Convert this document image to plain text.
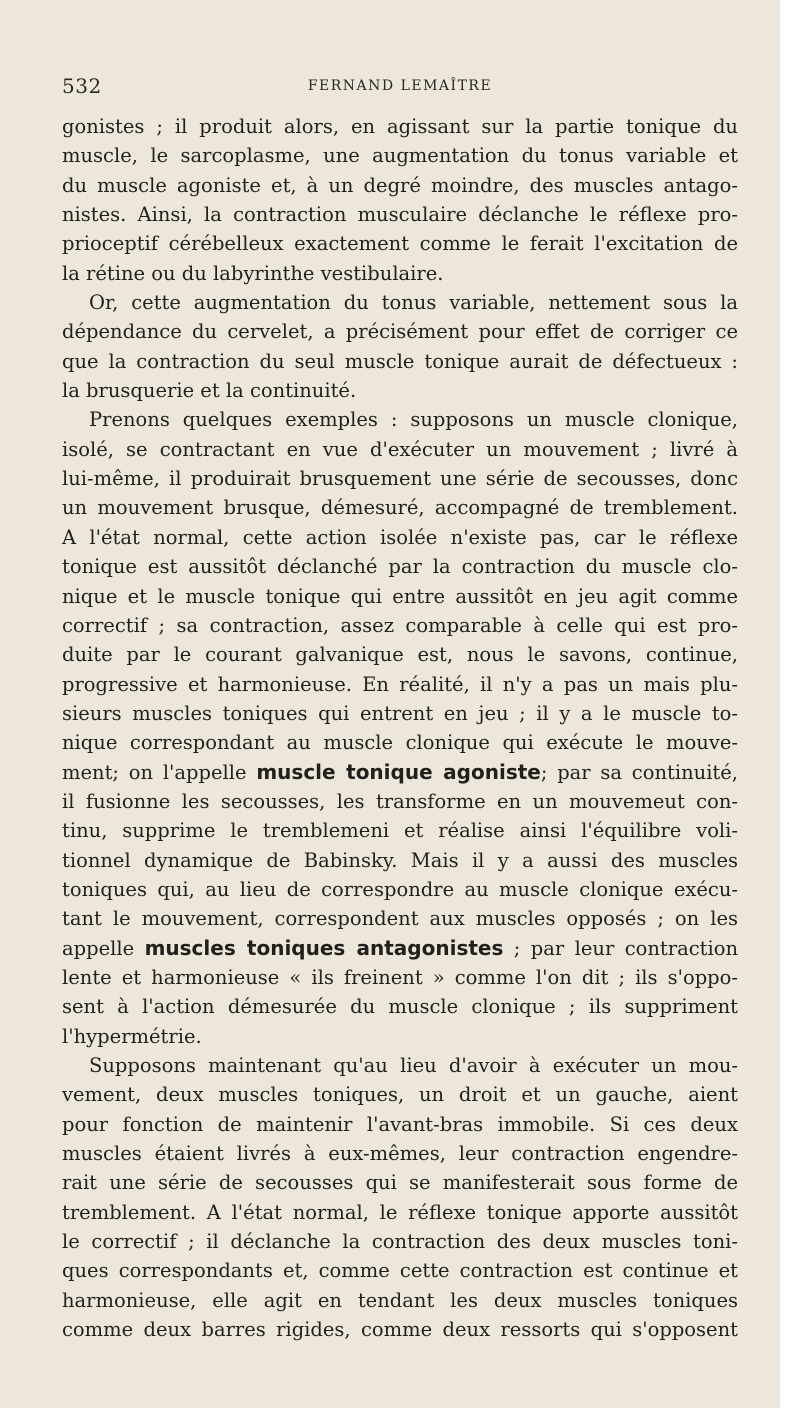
532	FERNAND LEMAÎTRE
gonistes ; il produit alors, en agissant sur la partie tonique du
muscle, le sarcoplasme, une augmentation du tonus variable et
du muscle agoniste et, à un degré moindre, des muscles antago-
nistes. Ainsi, la contraction musculaire déclanche le réflexe pro-
prioceptif cérébelleux exactement comme le ferait l'excitation de
la rétine ou du labyrinthe vestibulaire.
Or, cette augmentation du tonus variable, nettement sous la
dépendance du cervelet, a précisément pour effet de corriger ce
que la contraction du seul muscle tonique aurait de défectueux :
la brusquerie et la continuité.
Prenons quelques exemples : supposons un muscle clonique,
isolé, se contractant en vue d'exécuter un mouvement ; livré à
lui-même, il produirait brusquement une série de secousses, donc
un mouvement brusque, démesuré, accompagné de tremblement.
A l'état normal, cette action isolée n'existe pas, car le réflexe
tonique est aussitôt déclanché par la contraction du muscle clo-
nique et le muscle tonique qui entre aussitôt en jeu agit comme
correctif ; sa contraction, assez comparable à celle qui est pro-
duite par le courant galvanique est, nous le savons, continue,
progressive et harmonieuse. En réalité, il n'y a pas un mais plu-
sieurs muscles toniques qui entrent en jeu ; il y a le muscle to-
nique correspondant au muscle clonique qui exécute le mouve-
ment; on l'appelle muscle tonique agoniste; par sa continuité,
il fusionne les secousses, les transforme en un mouvemeut con-
tinu, supprime le tremblemeni et réalise ainsi l'équilibre voli-
tionnel dynamique de Babinsky. Mais il y a aussi des muscles
toniques qui, au lieu de correspondre au muscle clonique exécu-
tant le mouvement, correspondent aux muscles opposés ; on les
appelle muscles toniques antagonistes ; par leur contraction
lente et harmonieuse « ils freinent » comme l'on dit ; ils s'oppo-
sent à l'action démesurée du muscle clonique ; ils suppriment
l'hypermétrie.
Supposons maintenant qu'au lieu d'avoir à exécuter un mou-
vement, deux muscles toniques, un droit et un gauche, aient
pour fonction de maintenir l'avant-bras immobile. Si ces deux
muscles étaient livrés à eux-mêmes, leur contraction engendre-
rait une série de secousses qui se manifesterait sous forme de
tremblement. A l'état normal, le réflexe tonique apporte aussitôt
le correctif ; il déclanche la contraction des deux muscles toni-
ques correspondants et, comme cette contraction est continue et
harmonieuse, elle agit en tendant les deux muscles toniques
comme deux barres rigides, comme deux ressorts qui s'opposent
